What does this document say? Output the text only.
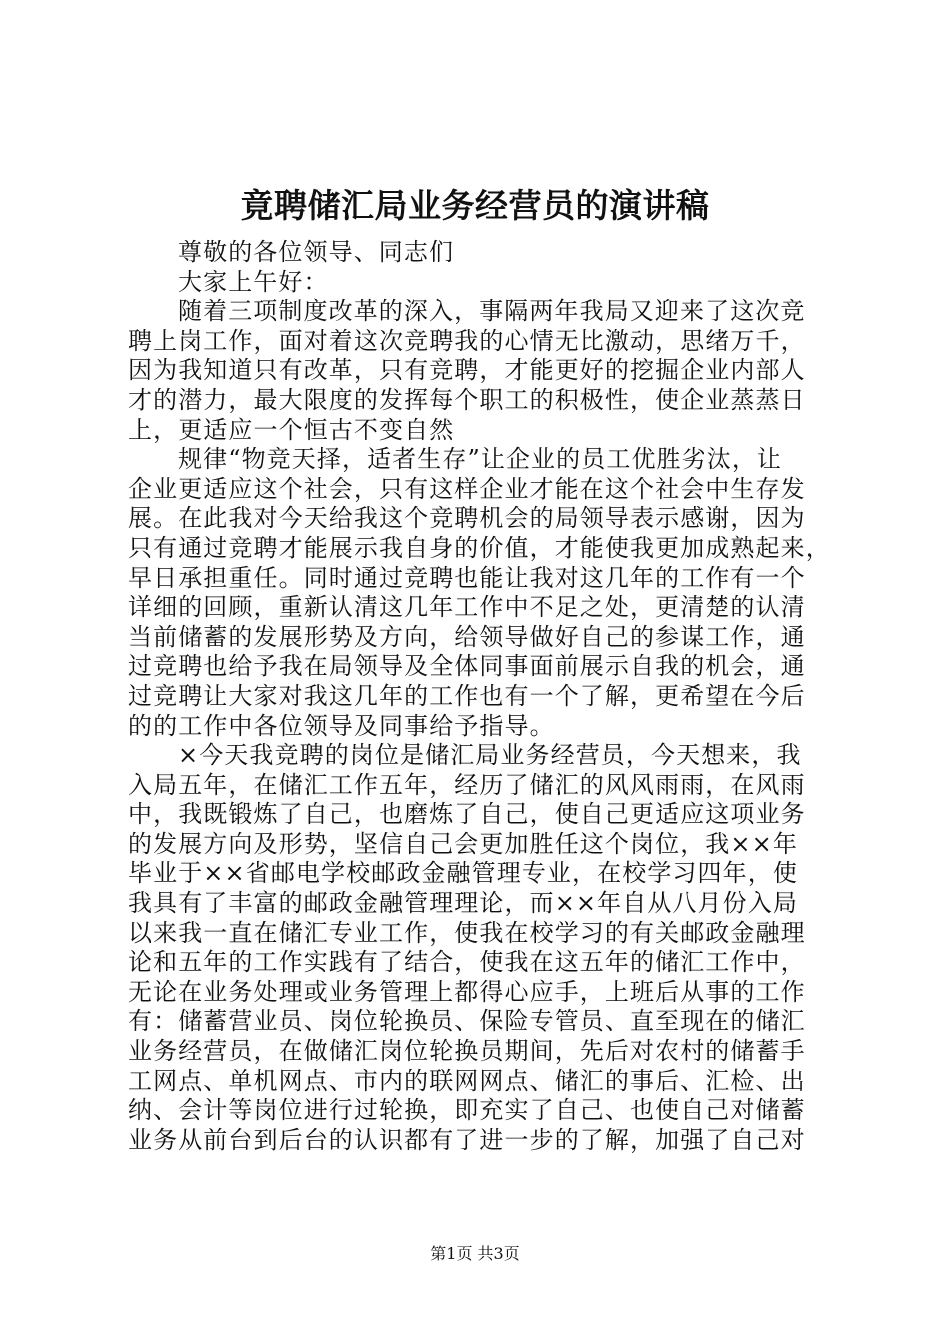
竟聘储汇局业务经营员的演讲稿
尊敬的各位领导、同志们
大家上午好：
随着三项制度改革的深入，事隔两年我局又迎来了这次竞
聘上岗工作，面对着这次竞聘我的心情无比激动，思绪万千，
因为我知道只有改革，只有竞聘，才能更好的挖掘企业内部人
才的潜力，最大限度的发挥每个职工的积极性，使企业蒸蒸日
上，更适应一个恒古不变自然
规律“物竞天择，适者生存”让企业的员工优胜劣汰，让
企业更适应这个社会，只有这样企业才能在这个社会中生存发
展。在此我对今天给我这个竞聘机会的局领导表示感谢，因为
只有通过竞聘才能展示我自身的价值，才能使我更加成熟起来，
早日承担重任。同时通过竞聘也能让我对这几年的工作有一个
详细的回顾，重新认清这几年工作中不足之处，更清楚的认清
当前储蓄的发展形势及方向，给领导做好自己的参谋工作，通
过竞聘也给予我在局领导及全体同事面前展示自我的机会，通
过竞聘让大家对我这几年的工作也有一个了解，更希望在今后
的的工作中各位领导及同事给予指导。
×今天我竞聘的岗位是储汇局业务经营员，今天想来，我
入局五年，在储汇工作五年，经历了储汇的风风雨雨，在风雨
中，我既锻炼了自己，也磨炼了自己，使自己更适应这项业务
的发展方向及形势，坚信自己会更加胜任这个岗位，我××年
毕业于××省邮电学校邮政金融管理专业，在校学习四年，使
我具有了丰富的邮政金融管理理论，而××年自从八月份入局
以来我一直在储汇专业工作，使我在校学习的有关邮政金融理
论和五年的工作实践有了结合，使我在这五年的储汇工作中，
无论在业务处理或业务管理上都得心应手，上班后从事的工作
有：储蓄营业员、岗位轮换员、保险专管员、直至现在的储汇
业务经营员，在做储汇岗位轮换员期间，先后对农村的储蓄手
工网点、单机网点、市内的联网网点、储汇的事后、汇检、出
纳、会计等岗位进行过轮换，即充实了自己、也使自己对储蓄
业务从前台到后台的认识都有了进一步的了解，加强了自己对
第1页 共3页
